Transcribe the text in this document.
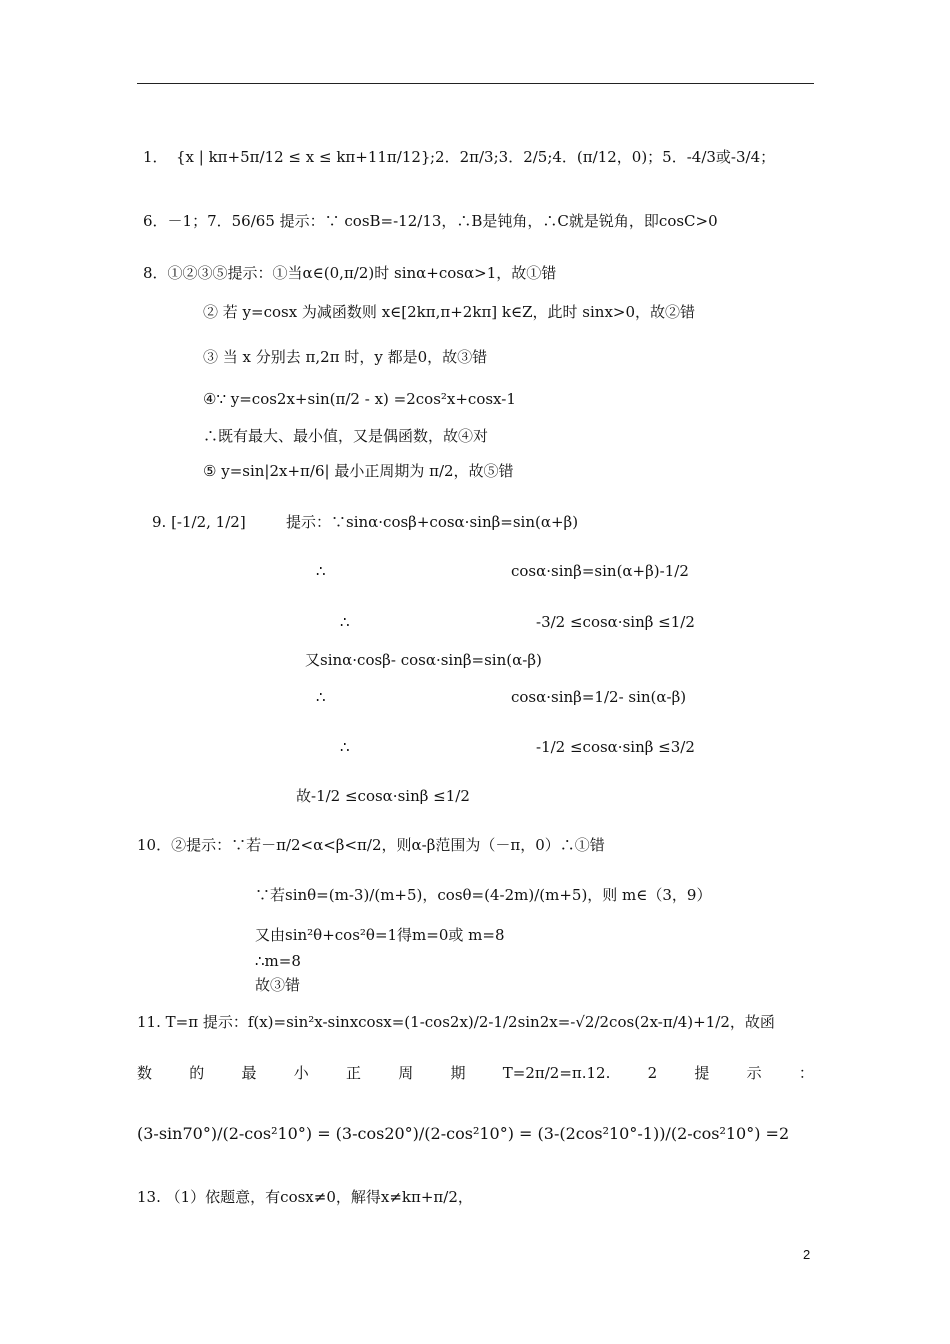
1． {x | kπ+5π/12 ≤ x ≤ kπ+11π/12} ;2．2π/3;3．2/5;4．(π/12，0)；5．-4/3或-3/4；
6．－1；7．56/65 提示：∵ cosB=-12/13，∴B是钝角，∴C就是锐角，即cosC>0
8．①②③⑤提示：①当α∈(0,π/2)时 sinα+cosα>1，故①错
② 若 y=cosx 为减函数则 x∈[2kπ,π+2kπ] k∈Z，此时 sinx>0，故②错
③ 当 x 分别去 π,2π 时，y 都是0，故③错
④∵ y=cos2x+sin(π/2 - x) =2cos²x+cosx-1
∴既有最大、最小值，又是偶函数，故④对
⑤ y=sin|2x+π/6| 最小正周期为 π/2，故⑤错
9. [-1/2, 1/2]	提示：∵sinα·cosβ+cosα·sinβ=sin(α+β)
∴	cosα·sinβ=sin(α+β)-1/2
∴	-3/2 ≤cosα·sinβ ≤1/2
又sinα·cosβ- cosα·sinβ=sin(α-β)
∴	cosα·sinβ=1/2- sin(α-β)
∴	-1/2 ≤cosα·sinβ ≤3/2
故-1/2 ≤cosα·sinβ ≤1/2
10．②提示：∵若－π/2<α<β<π/2，则α-β范围为（－π，0）∴①错
∵若sinθ=(m-3)/(m+5)，cosθ=(4-2m)/(m+5)，则 m∈（3，9）
又由sin²θ+cos²θ=1得m=0或 m=8
∴m=8
故③错
11. T=π 提示：f(x)=sin²x-sinxcosx=(1-cos2x)/2-1/2sin2x=-√2/2cos(2x-π/4)+1/2，故函
数 的 最 小 正 周 期 T=2π/2=π.12. 2 提 示 ：
(3-sin70°)/(2-cos²10°) = (3-cos20°)/(2-cos²10°) = (3-(2cos²10°-1))/(2-cos²10°) =2
13. （1）依题意，有cosx≠0，解得x≠kπ+π/2，
2
